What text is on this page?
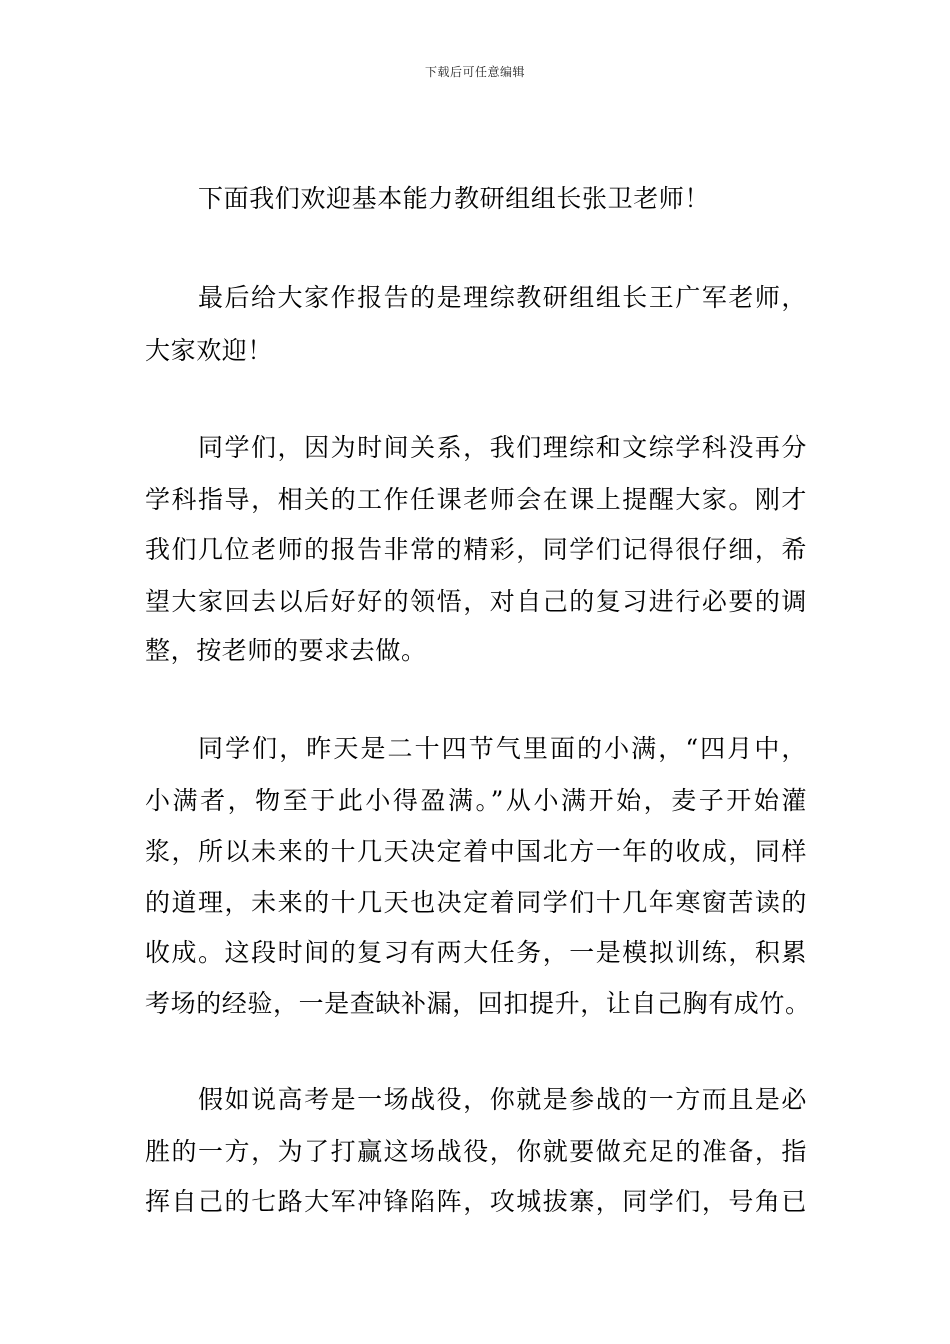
下载后可任意编辑
下面我们欢迎基本能力教研组组长张卫老师！
最后给大家作报告的是理综教研组组长王广军老师，
大家欢迎！
同学们，因为时间关系，我们理综和文综学科没再分
学科指导，相关的工作任课老师会在课上提醒大家。刚才
我们几位老师的报告非常的精彩，同学们记得很仔细，希
望大家回去以后好好的领悟，对自己的复习进行必要的调
整，按老师的要求去做。
同学们，昨天是二十四节气里面的小满，“四月中，
小满者，物至于此小得盈满。”从小满开始，麦子开始灌
浆，所以未来的十几天决定着中国北方一年的收成，同样
的道理，未来的十几天也决定着同学们十几年寒窗苦读的
收成。这段时间的复习有两大任务，一是模拟训练，积累
考场的经验，一是查缺补漏，回扣提升，让自己胸有成竹。
假如说高考是一场战役，你就是参战的一方而且是必
胜的一方，为了打赢这场战役，你就要做充足的准备，指
挥自己的七路大军冲锋陷阵，攻城拔寨，同学们，号角已
